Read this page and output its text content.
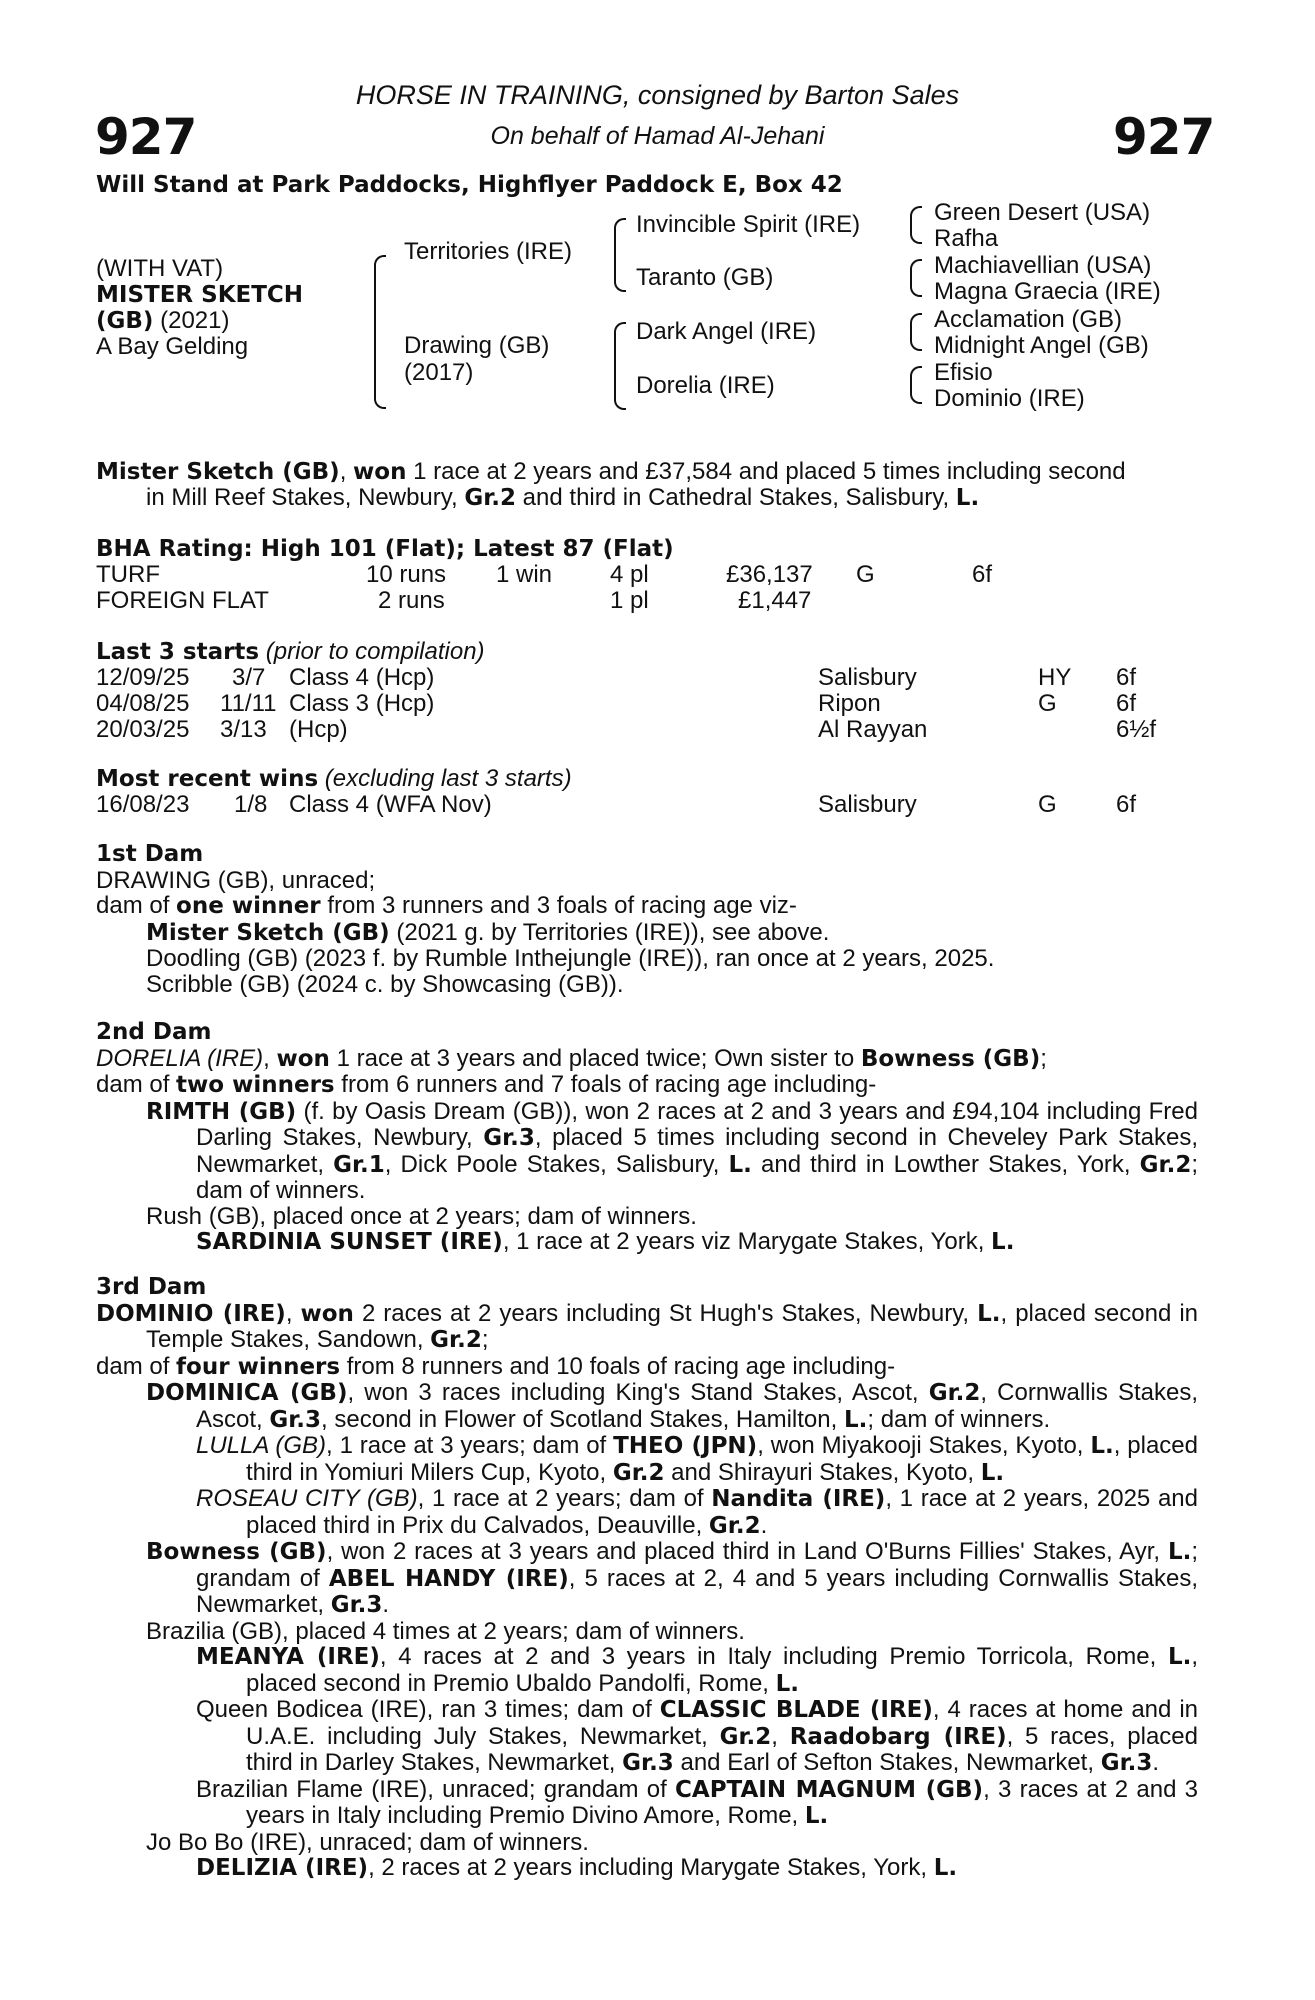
927	927
HORSE IN TRAINING, consigned by Barton Sales
On behalf of Hamad Al-Jehani
Will Stand at Park Paddocks, Highflyer Paddock E, Box 42
(WITH VAT)
MISTER SKETCH
(GB) (2021)
A Bay Gelding
Territories (IRE)
Drawing (GB)
(2017)
Invincible Spirit (IRE)
Taranto (GB)
Dark Angel (IRE)
Dorelia (IRE)
Green Desert (USA)
Rafha
Machiavellian (USA)
Magna Graecia (IRE)
Acclamation (GB)
Midnight Angel (GB)
Efisio
Dominio (IRE)
Mister Sketch (GB), won 1 race at 2 years and £37,584 and placed 5 times including second
in Mill Reef Stakes, Newbury, Gr.2 and third in Cathedral Stakes, Salisbury, L.
BHA Rating: High 101 (Flat); Latest 87 (Flat)
TURF	10 runs 1 win 4 pl	£36,137 G	6f
FOREIGN FLAT	2 runs	1 pl	£1,447
Last 3 starts (prior to compilation)
12/09/25 3/7 Class 4 (Hcp)	Salisbury	HY 6f
04/08/25 11/11 Class 3 (Hcp)	Ripon	G 6f
20/03/25 3/13 (Hcp)	Al Rayyan	6½f
Most recent wins (excluding last 3 starts)
16/08/23 1/8 Class 4 (WFA Nov)	Salisbury	G 6f

1st Dam

DRAWING (GB), unraced;

dam of one winner from 3 runners and 3 foals of racing age viz-

Mister Sketch (GB) (2021 g. by Territories (IRE)), see above.

Doodling (GB) (2023 f. by Rumble Inthejungle (IRE)), ran once at 2 years, 2025.

Scribble (GB) (2024 c. by Showcasing (GB)).

2nd Dam

DORELIA (IRE), won 1 race at 3 years and placed twice; Own sister to Bowness (GB);

dam of two winners from 6 runners and 7 foals of racing age including-

RIMTH (GB) (f. by Oasis Dream (GB)), won 2 races at 2 and 3 years and £94,104 including Fred Darling Stakes, Newbury, Gr.3, placed 5 times including second in Cheveley Park Stakes, Newmarket, Gr.1, Dick Poole Stakes, Salisbury, L. and third in Lowther Stakes, York, Gr.2; dam of winners.

Rush (GB), placed once at 2 years; dam of winners.

SARDINIA SUNSET (IRE), 1 race at 2 years viz Marygate Stakes, York, L.

3rd Dam

DOMINIO (IRE), won 2 races at 2 years including St Hugh's Stakes, Newbury, L., placed second in Temple Stakes, Sandown, Gr.2;

dam of four winners from 8 runners and 10 foals of racing age including-

DOMINICA (GB), won 3 races including King's Stand Stakes, Ascot, Gr.2, Cornwallis Stakes, Ascot, Gr.3, second in Flower of Scotland Stakes, Hamilton, L.; dam of winners.

LULLA (GB), 1 race at 3 years; dam of THEO (JPN), won Miyakooji Stakes, Kyoto, L., placed third in Yomiuri Milers Cup, Kyoto, Gr.2 and Shirayuri Stakes, Kyoto, L.

ROSEAU CITY (GB), 1 race at 2 years; dam of Nandita (IRE), 1 race at 2 years, 2025 and placed third in Prix du Calvados, Deauville, Gr.2.

Bowness (GB), won 2 races at 3 years and placed third in Land O'Burns Fillies' Stakes, Ayr, L.; grandam of ABEL HANDY (IRE), 5 races at 2, 4 and 5 years including Cornwallis Stakes, Newmarket, Gr.3.

Brazilia (GB), placed 4 times at 2 years; dam of winners.

MEANYA (IRE), 4 races at 2 and 3 years in Italy including Premio Torricola, Rome, L., placed second in Premio Ubaldo Pandolfi, Rome, L.

Queen Bodicea (IRE), ran 3 times; dam of CLASSIC BLADE (IRE), 4 races at home and in U.A.E. including July Stakes, Newmarket, Gr.2, Raadobarg (IRE), 5 races, placed third in Darley Stakes, Newmarket, Gr.3 and Earl of Sefton Stakes, Newmarket, Gr.3.

Brazilian Flame (IRE), unraced; grandam of CAPTAIN MAGNUM (GB), 3 races at 2 and 3 years in Italy including Premio Divino Amore, Rome, L.

Jo Bo Bo (IRE), unraced; dam of winners.

DELIZIA (IRE), 2 races at 2 years including Marygate Stakes, York, L.
